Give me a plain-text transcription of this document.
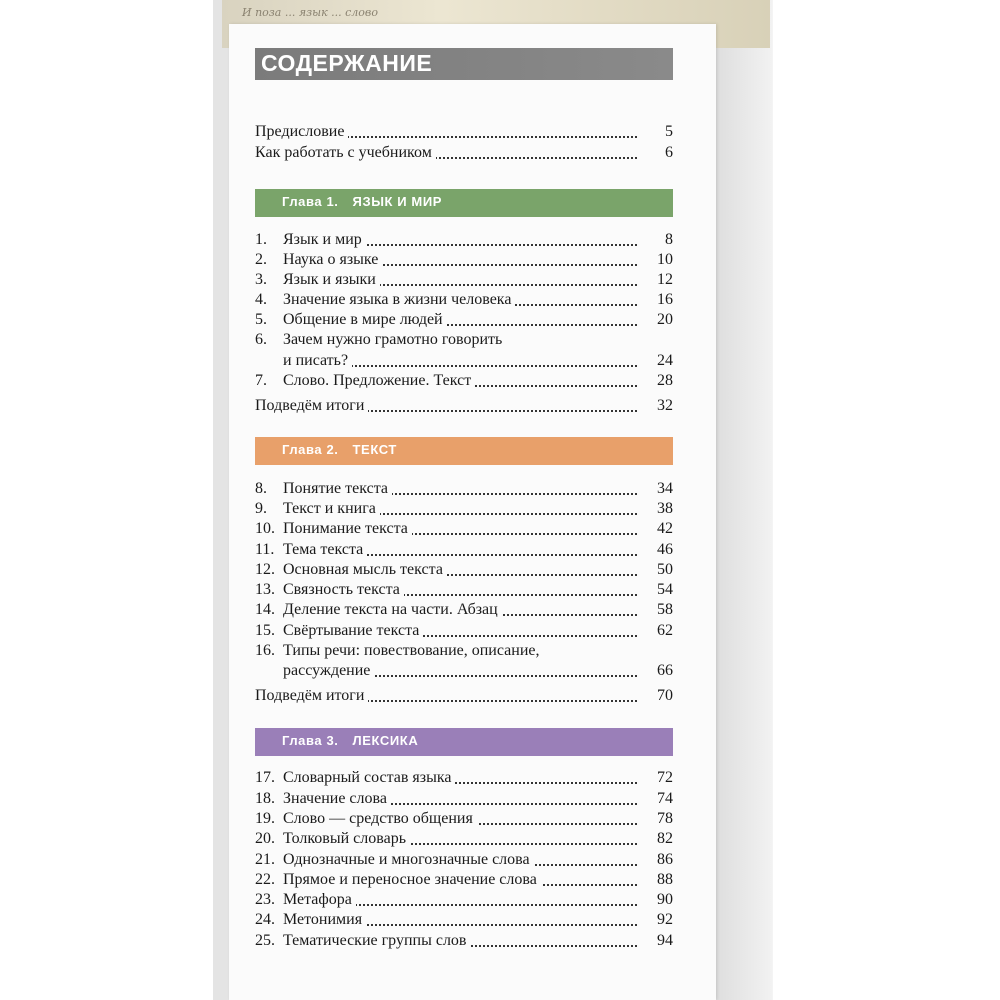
И поза ... язык ... слово
СОДЕРЖАНИЕ
Предисловие	5
Как работать с учебником	6
Глава 1. ЯЗЫК И МИР
1.	Язык и мир	8
2.	Наука о языке	10
3.	Язык и языки	12
4.	Значение языка в жизни человека	16
5.	Общение в мире людей	20
6.	Зачем нужно грамотно говорить
и писать?	24
7.	Слово. Предложение. Текст	28
Подведём итоги	32
Глава 2. ТЕКСТ
8.	Понятие текста	34
9.	Текст и книга	38
10. Понимание текста	42
11. Тема текста	46
12. Основная мысль текста	50
13. Связность текста	54
14. Деление текста на части. Абзац	58
15. Свёртывание текста	62
16. Типы речи: повествование, описание,
рассуждение	66
Подведём итоги	70
Глава 3. ЛЕКСИКА
17. Словарный состав языка	72
18. Значение слова	74
19. Слово — средство общения	78
20. Толковый словарь	82
21. Однозначные и многозначные слова	86
22. Прямое и переносное значение слова	88
23. Метафора	90
24. Метонимия	92
25. Тематические группы слов	94
